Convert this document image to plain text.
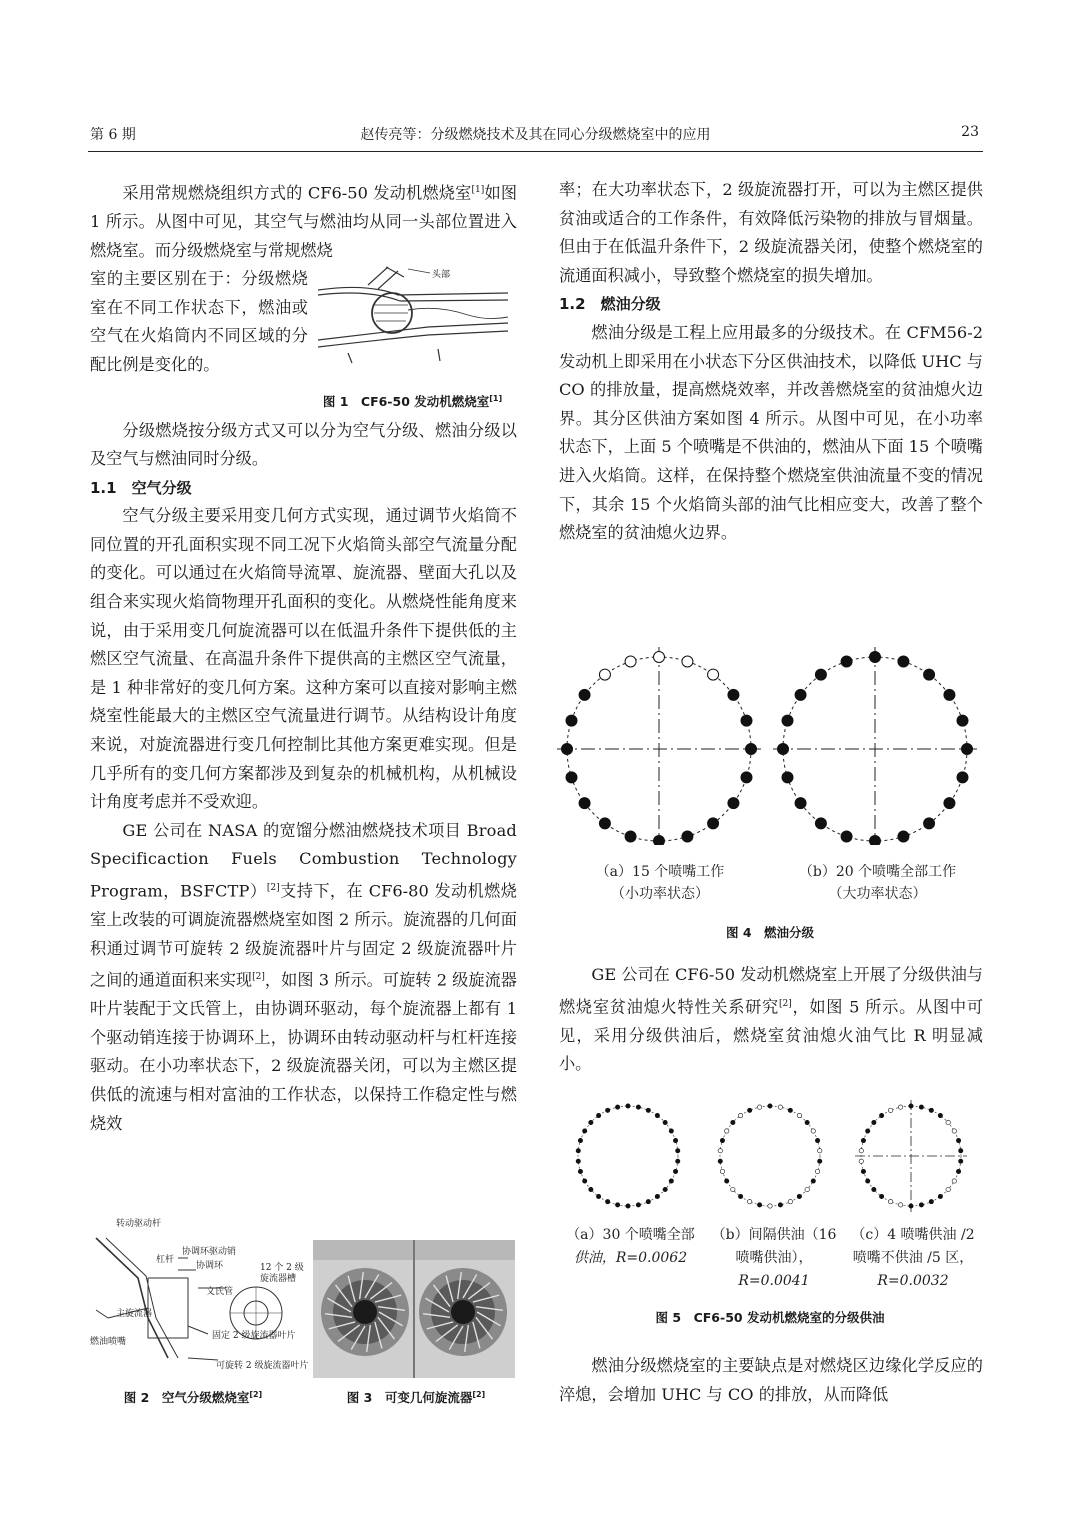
第 6 期	赵传亮等：分级燃烧技术及其在同心分级燃烧室中的应用	23

采用常规燃烧组织方式的 CF6-50 发动机燃烧室[1]如图 1 所示。从图中可见，其空气与燃油均从同一头部位置进入燃烧室。而分级燃烧室与常规燃烧

室的主要区别在于：分级燃烧室在不同工作状态下，燃油或空气在火焰筒内不同区域的分配比例是变化的。

头部
图 1　CF6-50 发动机燃烧室[1]

分级燃烧按分级方式又可以分为空气分级、燃油分级以及空气与燃油同时分级。

1.1　空气分级

空气分级主要采用变几何方式实现，通过调节火焰筒不同位置的开孔面积实现不同工况下火焰筒头部空气流量分配的变化。可以通过在火焰筒导流罩、旋流器、壁面大孔以及组合来实现火焰筒物理开孔面积的变化。从燃烧性能角度来说，由于采用变几何旋流器可以在低温升条件下提供低的主燃区空气流量、在高温升条件下提供高的主燃区空气流量，是 1 种非常好的变几何方案。这种方案可以直接对影响主燃烧室性能最大的主燃区空气流量进行调节。从结构设计角度来说，对旋流器进行变几何控制比其他方案更难实现。但是几乎所有的变几何方案都涉及到复杂的机械机构，从机械设计角度考虑并不受欢迎。

GE 公司在 NASA 的宽馏分燃油燃烧技术项目 Broad Specificaction Fuels Combustion Technology Program，BSFCTP）[2]支持下，在 CF6-80 发动机燃烧室上改装的可调旋流器燃烧室如图 2 所示。旋流器的几何面积通过调节可旋转 2 级旋流器叶片与固定 2 级旋流器叶片之间的通道面积来实现[2]，如图 3 所示。可旋转 2 级旋流器叶片装配于文氏管上，由协调环驱动，每个旋流器上都有 1 个驱动销连接于协调环上，协调环由转动驱动杆与杠杆连接驱动。在小功率状态下，2 级旋流器关闭，可以为主燃区提供低的流速与相对富油的工作状态，以保持工作稳定性与燃烧效

转动驱动杆
杠杆
协调环驱动销
协调环	12 个 2 级
旋流器槽
文氏管
主旋流器
燃油喷嘴
固定 2 级旋流器叶片
可旋转 2 级旋流器叶片
图 2　空气分级燃烧室[2]	图 3　可变几何旋流器[2]

率；在大功率状态下，2 级旋流器打开，可以为主燃区提供贫油或适合的工作条件，有效降低污染物的排放与冒烟量。但由于在低温升条件下，2 级旋流器关闭，使整个燃烧室的流通面积减小，导致整个燃烧室的损失增加。

1.2　燃油分级

燃油分级是工程上应用最多的分级技术。在 CFM56-2 发动机上即采用在小状态下分区供油技术，以降低 UHC 与 CO 的排放量，提高燃烧效率，并改善燃烧室的贫油熄火边界。其分区供油方案如图 4 所示。从图中可见，在小功率状态下，上面 5 个喷嘴是不供油的，燃油从下面 15 个喷嘴进入火焰筒。这样，在保持整个燃烧室供油流量不变的情况下，其余 15 个火焰筒头部的油气比相应变大，改善了整个燃烧室的贫油熄火边界。

（a）15 个喷嘴工作
（小功率状态）
（b）20 个喷嘴全部工作
（大功率状态）
图 4　燃油分级

GE 公司在 CF6-50 发动机燃烧室上开展了分级供油与燃烧室贫油熄火特性关系研究[2]，如图 5 所示。从图中可见，采用分级供油后，燃烧室贫油熄火油气比 R 明显减小。

（a）30 个喷嘴全部
供油，R=0.0062
（b）间隔供油（16
喷嘴供油），
R=0.0041
（c）4 喷嘴供油 /2
喷嘴不供油 /5 区，
R=0.0032
图 5　CF6-50 发动机燃烧室的分级供油

燃油分级燃烧室的主要缺点是对燃烧区边缘化学反应的淬熄，会增加 UHC 与 CO 的排放，从而降低
